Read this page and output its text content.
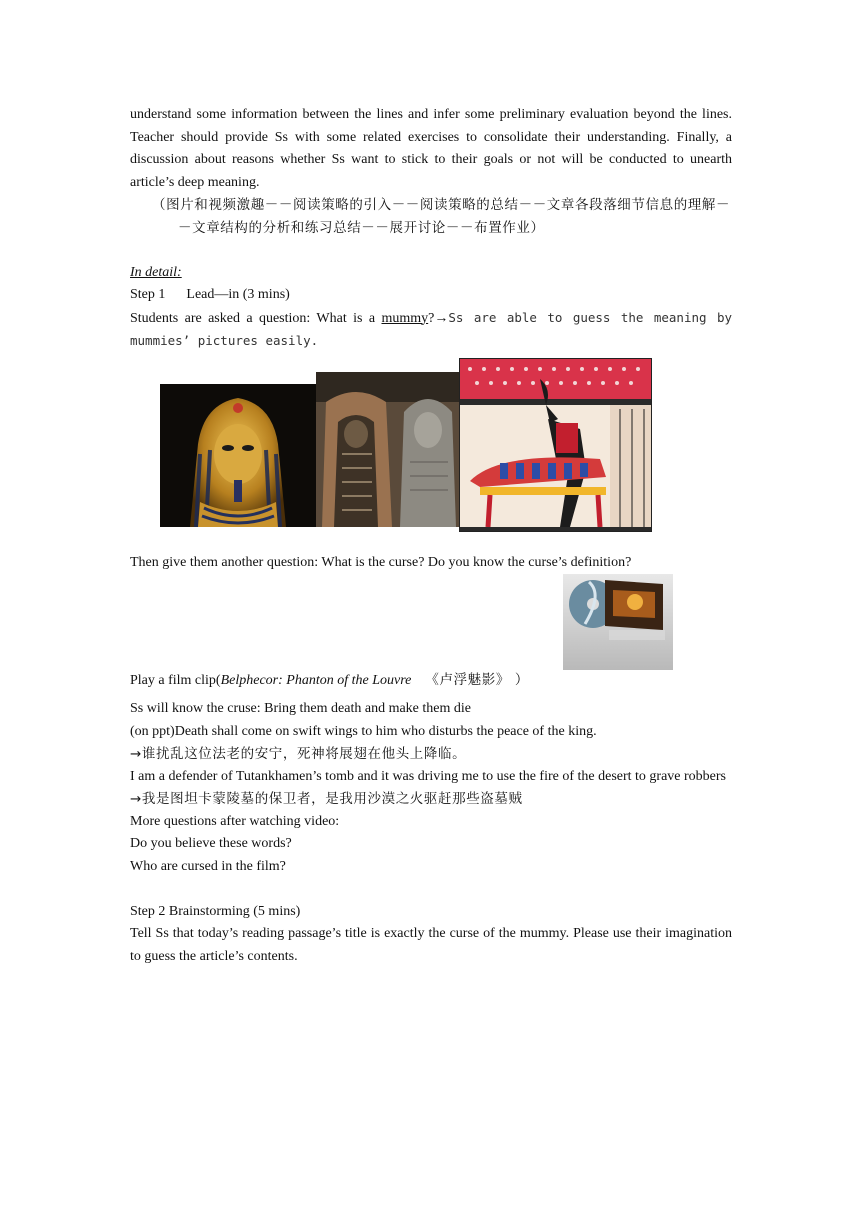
understand some information between the lines and infer some preliminary evaluation beyond the lines. Teacher should provide Ss with some related exercises to consolidate their understanding. Finally, a discussion about reasons whether Ss want to stick to their goals or not will be conducted to unearth article’s deep meaning.

（图片和视频激趣－－阅读策略的引入－－阅读策略的总结－－文章各段落细节信息的理解－－文章结构的分析和练习总结－－展开讨论－－布置作业）

In detail:

Step 1      Lead—in (3 mins)

Students are asked a question: What is a mummy?→Ss are able to guess the meaning by mummies’ pictures easily.

Then give them another question: What is the curse? Do you know the curse’s definition?

Play a film clip(Belphecor: Phanton of the Louvre 《卢浮魅影》 ）

Ss will know the cruse: Bring them death and make them die

(on ppt)Death shall come on swift wings to him who disturbs the peace of the king.

→谁扰乱这位法老的安宁，死神将展翅在他头上降临。

I am a defender of Tutankhamen’s tomb and it was driving me to use the fire of the desert to grave robbers

→我是图坦卡蒙陵墓的保卫者，是我用沙漠之火驱赶那些盗墓贼

More questions after watching video:

Do you believe these words?

Who are cursed in the film?

Step 2 Brainstorming (5 mins)

Tell Ss that today’s reading passage’s title is exactly the curse of the mummy. Please use their imagination to guess the article’s contents.
